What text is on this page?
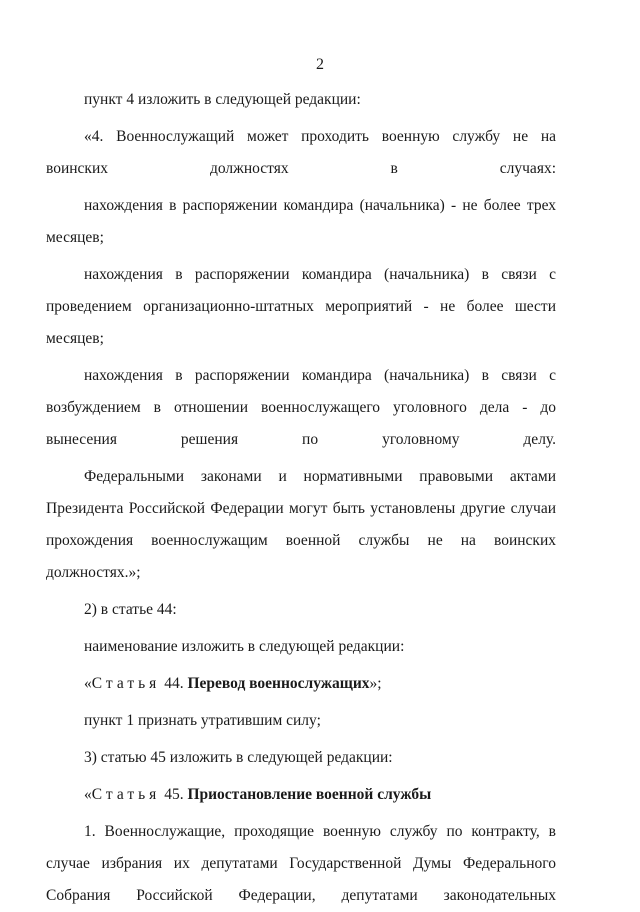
2

пункт 4 изложить в следующей редакции:

«4. Военнослужащий может проходить военную службу не на воинских должностях в случаях:

нахождения в распоряжении командира (начальника) - не более трех месяцев;

нахождения в распоряжении командира (начальника) в связи с проведением организационно-штатных мероприятий - не более шести месяцев;

нахождения в распоряжении командира (начальника) в связи с возбуждением в отношении военнослужащего уголовного дела - до вынесения решения по уголовному делу.

Федеральными законами и нормативными правовыми актами Президента Российской Федерации могут быть установлены другие случаи прохождения военнослужащим военной службы не на воинских должностях.»;

2) в статье 44:

наименование изложить в следующей редакции:

«Статья 44. Перевод военнослужащих»;

пункт 1 признать утратившим силу;

3) статью 45 изложить в следующей редакции:

«Статья 45. Приостановление военной службы

1. Военнослужащие, проходящие военную службу по контракту, в случае избрания их депутатами Государственной Думы Федерального Собрания Российской Федерации, депутатами законодательных
